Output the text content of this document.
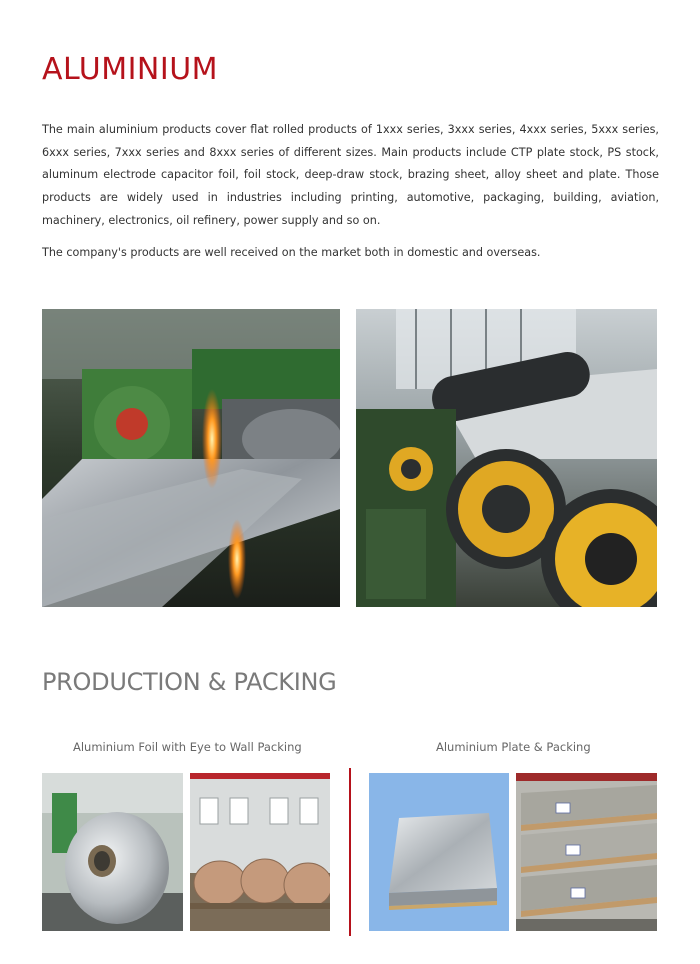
ALUMINIUM

The main aluminium products cover flat rolled products of 1xxx series, 3xxx series, 4xxx series, 5xxx series, 6xxx series, 7xxx series and 8xxx series of different sizes. Main products include CTP plate stock, PS stock, aluminum electrode capacitor foil, foil stock, deep-draw stock, brazing sheet, alloy sheet and plate. Those products are widely used in industries including printing, automotive, packaging, building, aviation, machinery, electronics, oil refinery, power supply and so on.

The company's products are well received on the market both in domestic and overseas.

PRODUCTION & PACKING

Aluminium Foil with Eye to Wall Packing	Aluminium Plate & Packing
